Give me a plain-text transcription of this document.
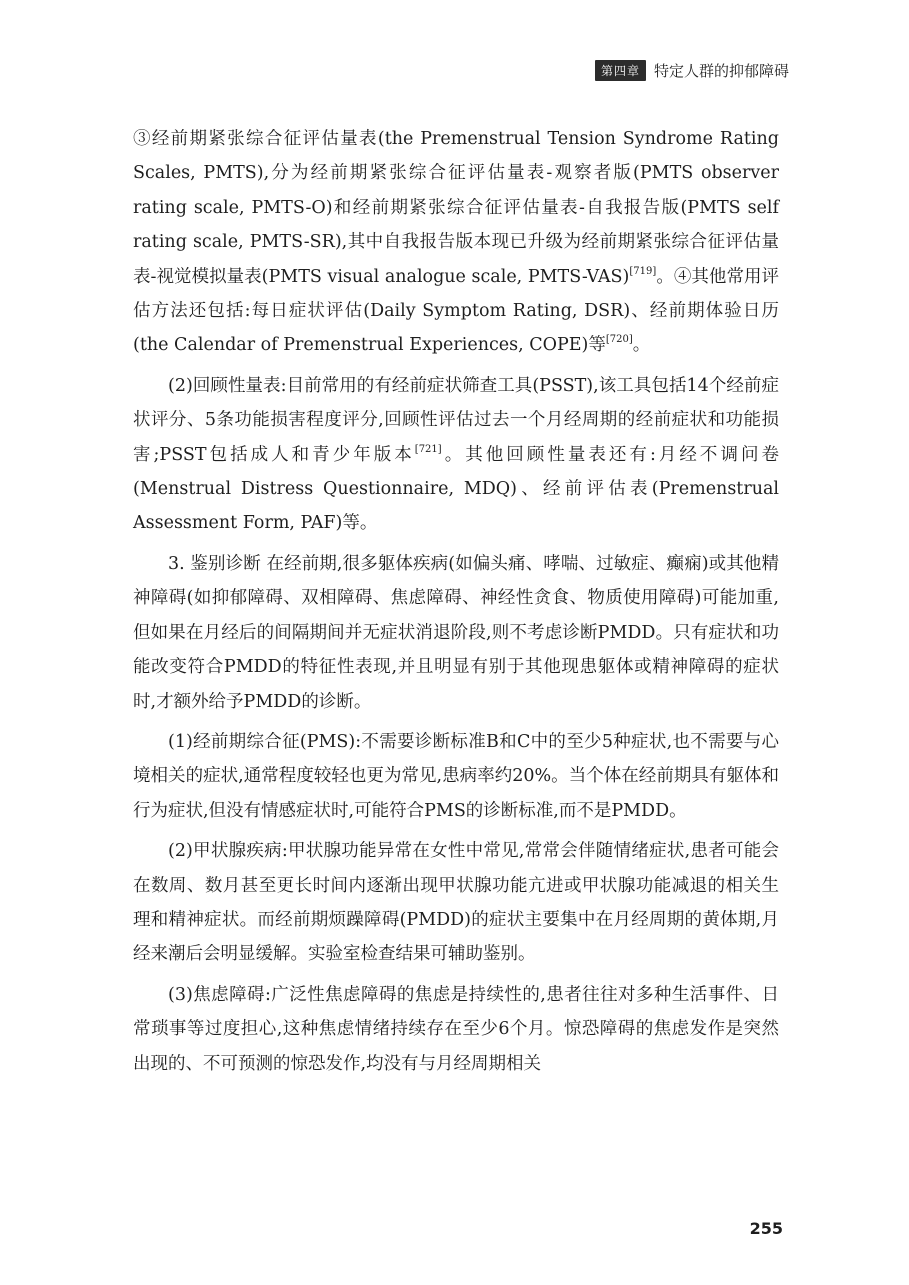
第四章 特定人群的抑郁障碍

③经前期紧张综合征评估量表(the Premenstrual Tension Syndrome Rating Scales, PMTS),分为经前期紧张综合征评估量表-观察者版(PMTS observer rating scale, PMTS-O)和经前期紧张综合征评估量表-自我报告版(PMTS self rating scale, PMTS-SR),其中自我报告版本现已升级为经前期紧张综合征评估量表-视觉模拟量表(PMTS visual analogue scale, PMTS-VAS)[719]。④其他常用评估方法还包括:每日症状评估(Daily Symptom Rating, DSR)、经前期体验日历(the Calendar of Premenstrual Experiences, COPE)等[720]。

(2)回顾性量表:目前常用的有经前症状筛查工具(PSST),该工具包括14个经前症状评分、5条功能损害程度评分,回顾性评估过去一个月经周期的经前症状和功能损害;PSST包括成人和青少年版本[721]。其他回顾性量表还有:月经不调问卷(Menstrual Distress Questionnaire, MDQ)、经前评估表(Premenstrual Assessment Form, PAF)等。

3. 鉴别诊断 在经前期,很多躯体疾病(如偏头痛、哮喘、过敏症、癫痫)或其他精神障碍(如抑郁障碍、双相障碍、焦虑障碍、神经性贪食、物质使用障碍)可能加重,但如果在月经后的间隔期间并无症状消退阶段,则不考虑诊断PMDD。只有症状和功能改变符合PMDD的特征性表现,并且明显有别于其他现患躯体或精神障碍的症状时,才额外给予PMDD的诊断。

(1)经前期综合征(PMS):不需要诊断标准B和C中的至少5种症状,也不需要与心境相关的症状,通常程度较轻也更为常见,患病率约20%。当个体在经前期具有躯体和行为症状,但没有情感症状时,可能符合PMS的诊断标准,而不是PMDD。

(2)甲状腺疾病:甲状腺功能异常在女性中常见,常常会伴随情绪症状,患者可能会在数周、数月甚至更长时间内逐渐出现甲状腺功能亢进或甲状腺功能减退的相关生理和精神症状。而经前期烦躁障碍(PMDD)的症状主要集中在月经周期的黄体期,月经来潮后会明显缓解。实验室检查结果可辅助鉴别。

(3)焦虑障碍:广泛性焦虑障碍的焦虑是持续性的,患者往往对多种生活事件、日常琐事等过度担心,这种焦虑情绪持续存在至少6个月。惊恐障碍的焦虑发作是突然出现的、不可预测的惊恐发作,均没有与月经周期相关

255
